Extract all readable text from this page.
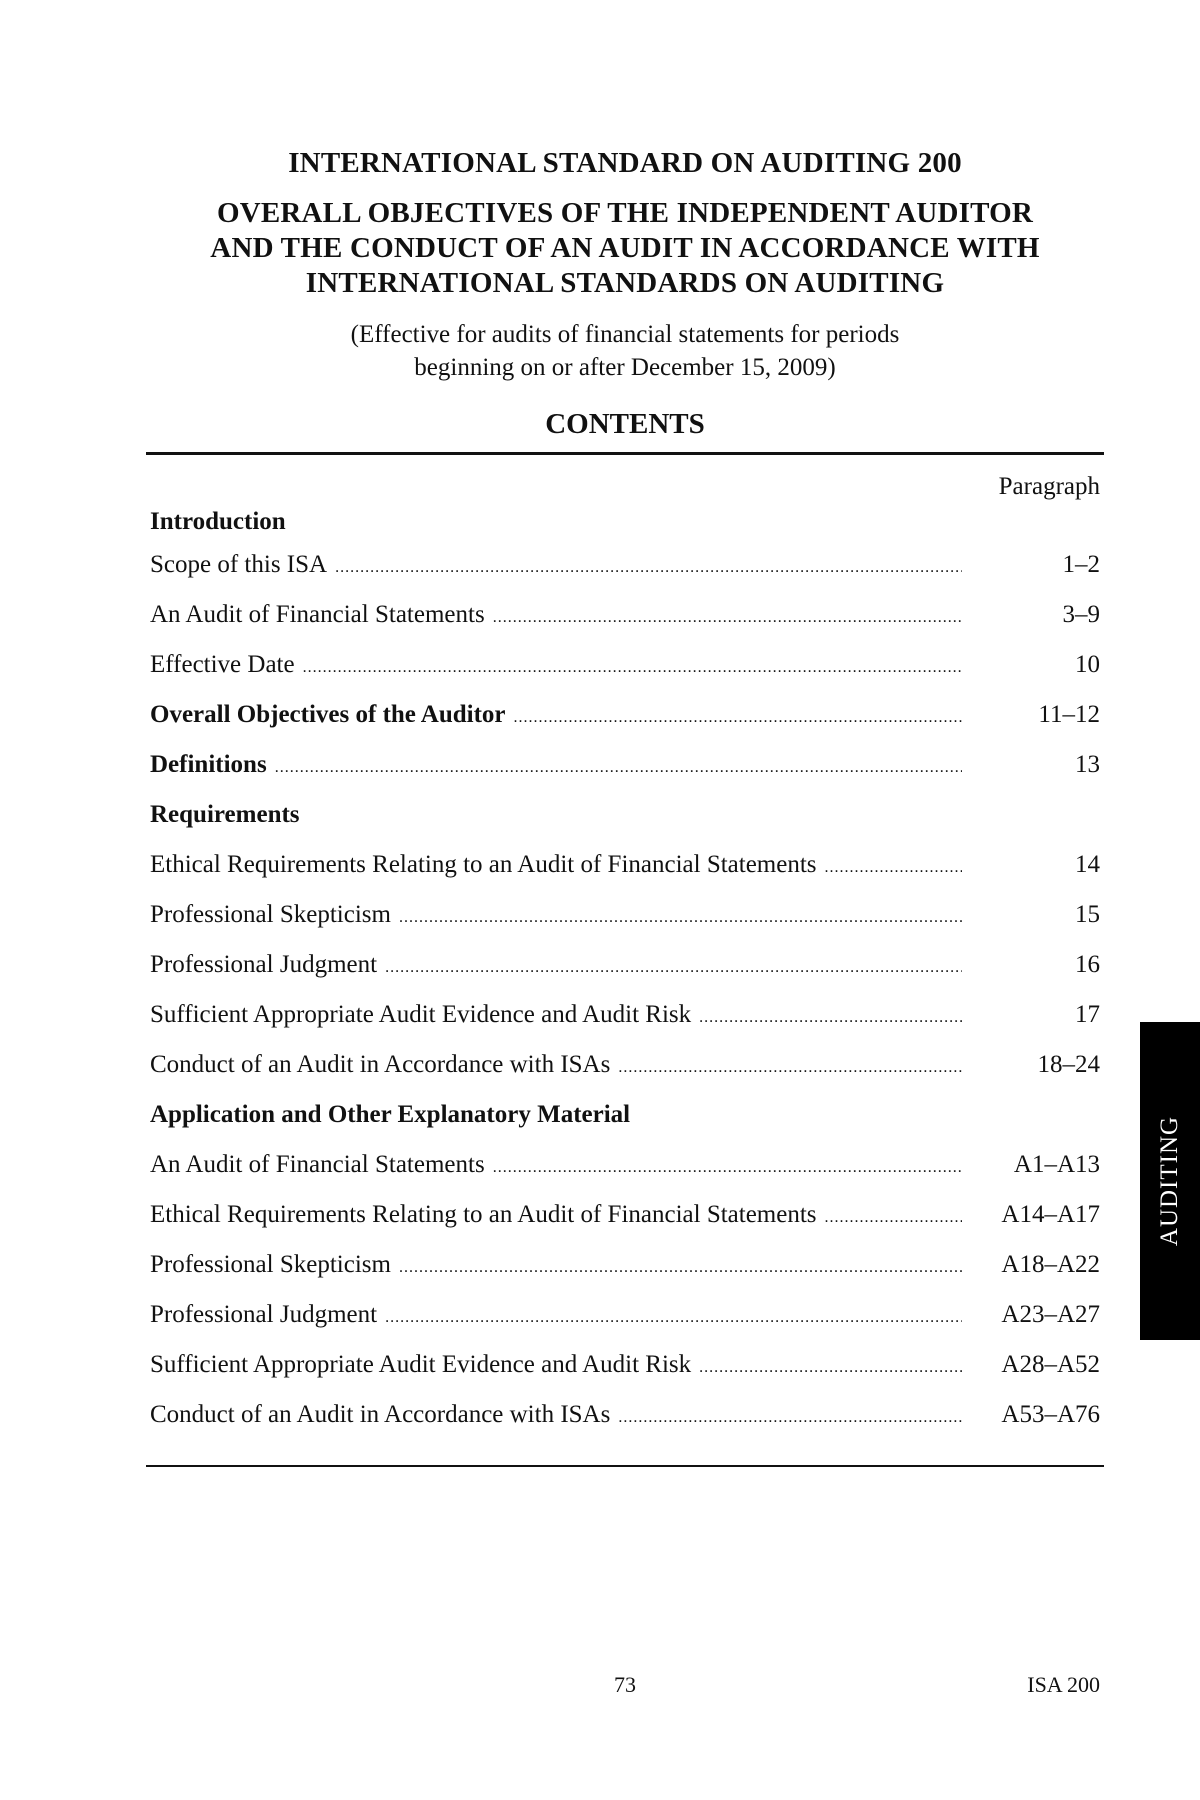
INTERNATIONAL STANDARD ON AUDITING 200
OVERALL OBJECTIVES OF THE INDEPENDENT AUDITOR
AND THE CONDUCT OF AN AUDIT IN ACCORDANCE WITH
INTERNATIONAL STANDARDS ON AUDITING
(Effective for audits of financial statements for periods
beginning on or after December 15, 2009)
CONTENTS
Paragraph
Introduction
Scope of this ISA .....	1–2
An Audit of Financial Statements .....	3–9
Effective Date .....	10
Overall Objectives of the Auditor .....	11–12
Definitions .....	13
Requirements
Ethical Requirements Relating to an Audit of Financial Statements .....	14
Professional Skepticism .....	15
Professional Judgment .....	16
Sufficient Appropriate Audit Evidence and Audit Risk .....	17
Conduct of an Audit in Accordance with ISAs .....	18–24
Application and Other Explanatory Material
An Audit of Financial Statements .....	A1–A13
Ethical Requirements Relating to an Audit of Financial Statements .....	A14–A17
Professional Skepticism .....	A18–A22
Professional Judgment .....	A23–A27
Sufficient Appropriate Audit Evidence and Audit Risk .....	A28–A52
Conduct of an Audit in Accordance with ISAs .....	A53–A76
AUDITING
73	ISA 200
